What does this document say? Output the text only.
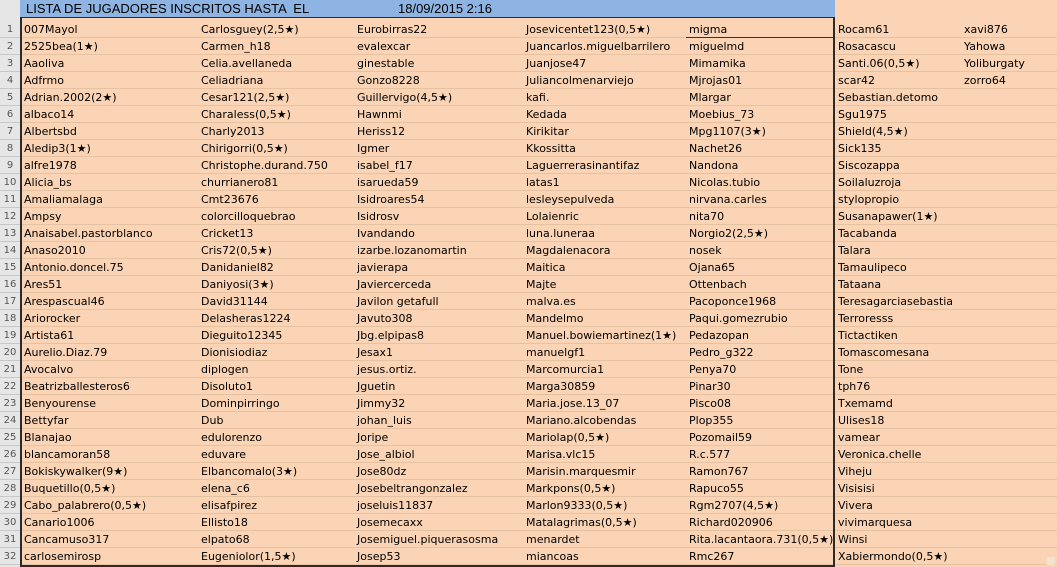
1
2
3
4
5
6
7
8
9
10
11
12
13
14
15
16
17
18
19
20
21
22
23
24
25
26
27
28
29
30
31
32
LISTA DE JUGADORES INSCRITOS HASTA  EL	18/09/2015 2:16
007Mayol
2525bea(1★)
Aaoliva
Adfrmo
Adrian.2002(2★)
albaco14
Albertsbd
Aledip3(1★)
alfre1978
Alicia_bs
Amaliamalaga
Ampsy
Anaisabel.pastorblanco
Anaso2010
Antonio.doncel.75
Ares51
Arespascual46
Ariorocker
Artista61
Aurelio.Diaz.79
Avocalvo
Beatrizballesteros6
Benyourense
Bettyfar
Blanajao
blancamoran58
Bokiskywalker(9★)
Buquetillo(0,5★)
Cabo_palabrero(0,5★)
Canario1006
Cancamuso317
carlosemirosp
Carlosguey(2,5★)
Carmen_h18
Celia.avellaneda
Celiadriana
Cesar121(2,5★)
Charaless(0,5★)
Charly2013
Chirigorri(0,5★)
Christophe.durand.750
churrianero81
Cmt23676
colorcilloquebrao
Cricket13
Cris72(0,5★)
Danidaniel82
Daniyosi(3★)
David31144
Delasheras1224
Dieguito12345
Dionisiodiaz
diplogen
Disoluto1
Dominpirringo
Dub
edulorenzo
eduvare
Elbancomalo(3★)
elena_c6
elisafpirez
Ellisto18
elpato68
Eugeniolor(1,5★)
Eurobirras22
evalexcar
ginestable
Gonzo8228
Guillervigo(4,5★)
Hawnmi
Heriss12
Igmer
isabel_f17
isarueda59
Isidroares54
Isidrosv
Ivandando
izarbe.lozanomartin
javierapa
Javiercerceda
Javilon getafull
Javuto308
Jbg.elpipas8
Jesax1
jesus.ortiz.
Jguetin
Jimmy32
johan_luis
Joripe
Jose_albiol
Jose80dz
Josebeltrangonzalez
joseluis11837
Josemecaxx
Josemiguel.piquerasosma
Josep53
Josevicentet123(0,5★)
Juancarlos.miguelbarrilero
Juanjose47
Juliancolmenarviejo
kafi.
Kedada
Kirikitar
Kkossitta
Laguerrerasinantifaz
latas1
lesleysepulveda
Lolaienric
luna.luneraa
Magdalenacora
Maitica
Majte
malva.es
Mandelmo
Manuel.bowiemartinez(1★)
manuelgf1
Marcomurcia1
Marga30859
Maria.jose.13_07
Mariano.alcobendas
Mariolap(0,5★)
Marisa.vlc15
Marisin.marquesmir
Markpons(0,5★)
Marlon9333(0,5★)
Matalagrimas(0,5★)
menardet
miancoas
migma
miguelmd
Mimamika
Mjrojas01
Mlargar
Moebius_73
Mpg1107(3★)
Nachet26
Nandona
Nicolas.tubio
nirvana.carles
nita70
Norgio2(2,5★)
nosek
Ojana65
Ottenbach
Pacoponce1968
Paqui.gomezrubio
Pedazopan
Pedro_g322
Penya70
Pinar30
Pisco08
Plop355
Pozomail59
R.c.577
Ramon767
Rapuco55
Rgm2707(4,5★)
Richard020906
Rita.lacantaora.731(0,5★)
Rmc267
Rocam61
Rosacascu
Santi.06(0,5★)
scar42
Sebastian.detomo
Sgu1975
Shield(4,5★)
Sick135
Siscozappa
Soilaluzroja
stylopropio
Susanapawer(1★)
Tacabanda
Talara
Tamaulipeco
Tataana
Teresagarciasebastia
Terroresss
Tictactiken
Tomascomesana
Tone
tph76
Txemamd
Ulises18
vamear
Veronica.chelle
Viheju
Visisisi
Vivera
vivimarquesa
Winsi
Xabiermondo(0,5★)
xavi876
Yahowa
Yoliburgaty
zorro64
